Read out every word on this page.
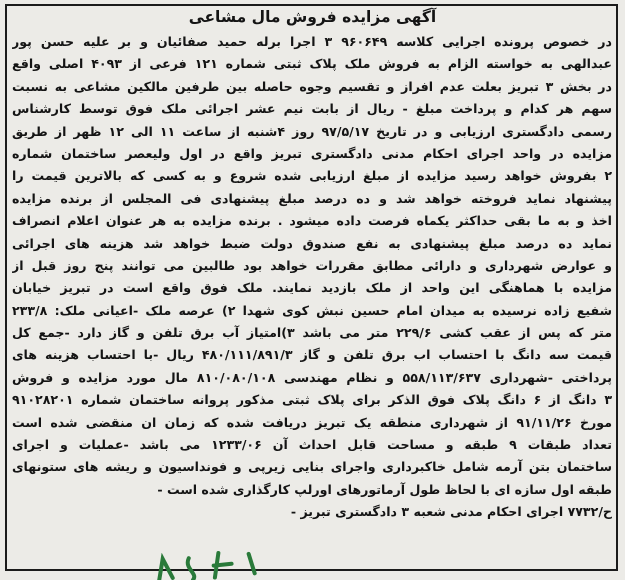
آگهی مزایده فروش مال مشاعی
در خصوص پرونده اجرایی کلاسه ۹۶۰۶۴۹ ۳ اجرا برله حمید صفائیان و بر علیه حسن پور
عبدالهی به خواسته الزام به فروش ملک پلاک ثبتی شماره ۱۲۱ فرعی از ۴۰۹۳ اصلی واقع
در بخش ۳ تبریز بعلت عدم افراز و تقسیم وجوه حاصله بین طرفین مالکین مشاعی به نسبت
سهم هر کدام و پرداخت مبلغ - ریال از بابت نیم عشر اجرائی ملک فوق توسط کارشناس
رسمی دادگستری ارزیابی و در تاریخ ۹۷/۵/۱۷ روز ۴شنبه از ساعت ۱۱ الی ۱۲ ظهر از طریق
مزایده در واحد اجرای احکام مدنی دادگستری تبریز واقع در اول ولیعصر ساختمان شماره
۲ بفروش خواهد رسید مزایده از مبلغ ارزیابی شده شروع و به کسی که بالاترین قیمت را
پیشنهاد نماید فروخته خواهد شد و ده درصد مبلغ پیشنهادی فی المجلس از برنده مزایده
اخذ و به ما بقی حداکثر یکماه فرصت داده میشود . برنده مزایده به هر عنوان اعلام انصراف
نماید ده درصد مبلغ پیشنهادی به نفع صندوق دولت ضبط خواهد شد هزینه های اجرائی
و عوارض شهرداری و دارائی مطابق مقررات خواهد بود طالبین می توانند پنج روز قبل از
مزایده با هماهنگی این واحد از ملک بازدید نمایند. ملک فوق واقع است در تبریز خیابان
شفیع زاده نرسیده به میدان امام حسین نبش کوی شهدا ۲) عرصه ملک -اعیانی ملک: ۲۳۳/۸
متر که پس از عقب کشی ۲۲۹/۶ متر می باشد ۳)امتیاز آب برق تلفن و گاز دارد -جمع کل
قیمت سه دانگ با احتساب اب برق تلفن و گاز ۴۸۰/۱۱۱/۸۹۱/۳ ریال -با احتساب هزینه های
پرداختی -شهرداری ۵۵۸/۱۱۳/۶۳۷ و نظام مهندسی ۸۱۰/۰۸۰/۱۰۸ مال مورد مزایده و فروش
۳ دانگ از ۶ دانگ پلاک فوق الذکر برای پلاک ثبتی مذکور پروانه ساختمان شماره ۹۱۰۲۸۲۰۱
مورخ ۹۱/۱۱/۲۶ از شهرداری منطقه یک تبریز دریافت شده که زمان ان منقضی شده است
تعداد طبقات ۹ طبقه و مساحت قابل احداث آن ۱۲۳۳/۰۶ می باشد -عملیات و اجرای
ساختمان بتن آرمه شامل خاکبرداری واجرای بنایی زیرپی و فونداسیون و ریشه های ستونهای
طبقه اول سازه ای با لحاظ طول آرماتورهای اورلپ کارگذاری شده است -
ح/۷۷۳۲ اجرای احکام مدنی شعبه ۳ دادگستری تبریز -
